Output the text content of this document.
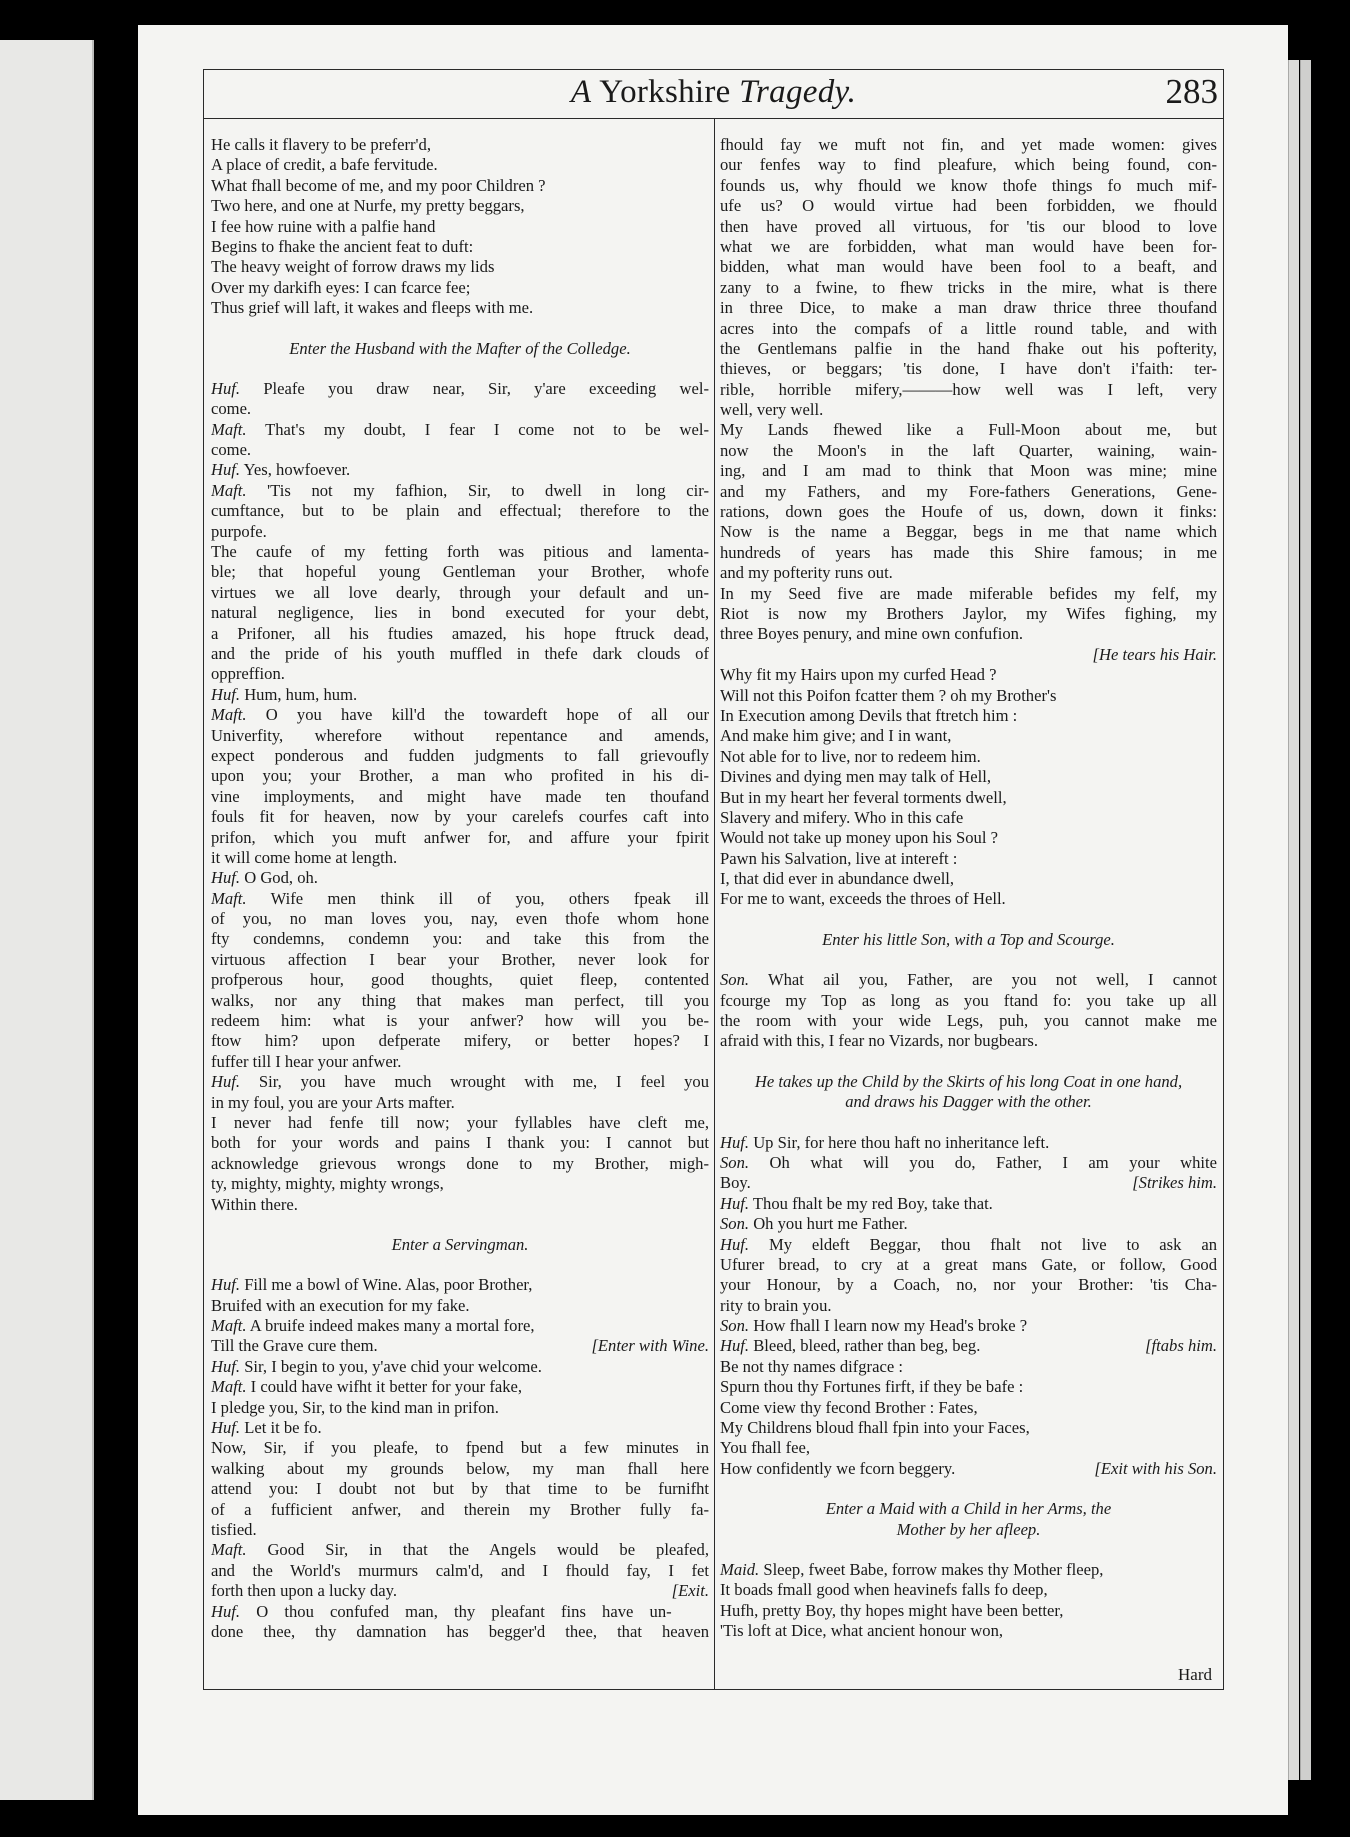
A Yorkshire Tragedy.	283
He calls it flavery to be preferr'd,
A place of credit, a bafe fervitude.
What fhall become of me, and my poor Children ?
Two here, and one at Nurfe, my pretty beggars,
I fee how ruine with a palfie hand
Begins to fhake the ancient feat to duft:
The heavy weight of forrow draws my lids
Over my darkifh eyes: I can fcarce fee;
Thus grief will laft, it wakes and fleeps with me.
Enter the Husband with the Mafter of the Colledge.
Huf. Pleafe you draw near, Sir, y'are exceeding wel-
come.
Maft. That's my doubt, I fear I come not to be wel-
come.
Huf. Yes, howfoever.
Maft. 'Tis not my fafhion, Sir, to dwell in long cir-
cumftance, but to be plain and effectual; therefore to the
purpofe.
The caufe of my fetting forth was pitious and lamenta-
ble; that hopeful young Gentleman your Brother, whofe
virtues we all love dearly, through your default and un-
natural negligence, lies in bond executed for your debt,
a Prifoner, all his ftudies amazed, his hope ftruck dead,
and the pride of his youth muffled in thefe dark clouds of
oppreffion.
Huf. Hum, hum, hum.
Maft. O you have kill'd the towardeft hope of all our
Univerfity, wherefore without repentance and amends,
expect ponderous and fudden judgments to fall grievoufly
upon you; your Brother, a man who profited in his di-
vine imployments, and might have made ten thoufand
fouls fit for heaven, now by your carelefs courfes caft into
prifon, which you muft anfwer for, and affure your fpirit
it will come home at length.
Huf. O God, oh.
Maft. Wife men think ill of you, others fpeak ill
of you, no man loves you, nay, even thofe whom hone
fty condemns, condemn you: and take this from the
virtuous affection I bear your Brother, never look for
profperous hour, good thoughts, quiet fleep, contented
walks, nor any thing that makes man perfect, till you
redeem him: what is your anfwer? how will you be-
ftow him? upon defperate mifery, or better hopes? I
fuffer till I hear your anfwer.
Huf. Sir, you have much wrought with me, I feel you
in my foul, you are your Arts mafter.
I never had fenfe till now; your fyllables have cleft me,
both for your words and pains I thank you: I cannot but
acknowledge grievous wrongs done to my Brother, migh-
ty, mighty, mighty, mighty wrongs,
Within there.
Enter a Servingman.
Huf. Fill me a bowl of Wine. Alas, poor Brother,
Bruifed with an execution for my fake.
Maft. A bruife indeed makes many a mortal fore,
[Enter with Wine.
Till the Grave cure them.
Huf. Sir, I begin to you, y'ave chid your welcome.
Maft. I could have wifht it better for your fake,
I pledge you, Sir, to the kind man in prifon.
Huf. Let it be fo.
Now, Sir, if you pleafe, to fpend but a few minutes in
walking about my grounds below, my man fhall here
attend you: I doubt not but by that time to be furnifht
of a fufficient anfwer, and therein my Brother fully fa-
tisfied.
Maft. Good Sir, in that the Angels would be pleafed,
and the World's murmurs calm'd, and I fhould fay, I fet
[Exit.
forth then upon a lucky day.
Huf. O thou confufed man, thy pleafant fins have un-
done thee, thy damnation has begger'd thee, that heaven
fhould fay we muft not fin, and yet made women: gives
our fenfes way to find pleafure, which being found, con-
founds us, why fhould we know thofe things fo much mif-
ufe us? O would virtue had been forbidden, we fhould
then have proved all virtuous, for 'tis our blood to love
what we are forbidden, what man would have been for-
bidden, what man would have been fool to a beaft, and
zany to a fwine, to fhew tricks in the mire, what is there
in three Dice, to make a man draw thrice three thoufand
acres into the compafs of a little round table, and with
the Gentlemans palfie in the hand fhake out his pofterity,
thieves, or beggars; 'tis done, I have don't i'faith: ter-
rible, horrible mifery,———how well was I left, very
well, very well.
My Lands fhewed like a Full-Moon about me, but
now the Moon's in the laft Quarter, waining, wain-
ing, and I am mad to think that Moon was mine; mine
and my Fathers, and my Fore-fathers Generations, Gene-
rations, down goes the Houfe of us, down, down it finks:
Now is the name a Beggar, begs in me that name which
hundreds of years has made this Shire famous; in me
and my pofterity runs out.
In my Seed five are made miferable befides my felf, my
Riot is now my Brothers Jaylor, my Wifes fighing, my
three Boyes penury, and mine own confufion.
[He tears his Hair.
Why fit my Hairs upon my curfed Head ?
Will not this Poifon fcatter them ? oh my Brother's
In Execution among Devils that ftretch him :
And make him give; and I in want,
Not able for to live, nor to redeem him.
Divines and dying men may talk of Hell,
But in my heart her feveral torments dwell,
Slavery and mifery. Who in this cafe
Would not take up money upon his Soul ?
Pawn his Salvation, live at intereft :
I, that did ever in abundance dwell,
For me to want, exceeds the throes of Hell.
Enter his little Son, with a Top and Scourge.
Son. What ail you, Father, are you not well, I cannot
fcourge my Top as long as you ftand fo: you take up all
the room with your wide Legs, puh, you cannot make me
afraid with this, I fear no Vizards, nor bugbears.
He takes up the Child by the Skirts of his long Coat in one hand,
and draws his Dagger with the other.
Huf. Up Sir, for here thou haft no inheritance left.
Son. Oh what will you do, Father, I am your white
[Strikes him.
Boy.
Huf. Thou fhalt be my red Boy, take that.
Son. Oh you hurt me Father.
Huf. My eldeft Beggar, thou fhalt not live to ask an
Ufurer bread, to cry at a great mans Gate, or follow, Good
your Honour, by a Coach, no, nor your Brother: 'tis Cha-
rity to brain you.
Son. How fhall I learn now my Head's broke ?
Huf.	[ftabs him.
Bleed, bleed, rather than beg, beg.
Be not thy names difgrace :
Spurn thou thy Fortunes firft, if they be bafe :
Come view thy fecond Brother : Fates,
My Childrens bloud fhall fpin into your Faces,
You fhall fee,
[Exit with his Son.
How confidently we fcorn beggery.
Enter a Maid with a Child in her Arms, the
Mother by her afleep.
Maid. Sleep, fweet Babe, forrow makes thy Mother fleep,
It boads fmall good when heavinefs falls fo deep,
Hufh, pretty Boy, thy hopes might have been better,
'Tis loft at Dice, what ancient honour won,
Hard
